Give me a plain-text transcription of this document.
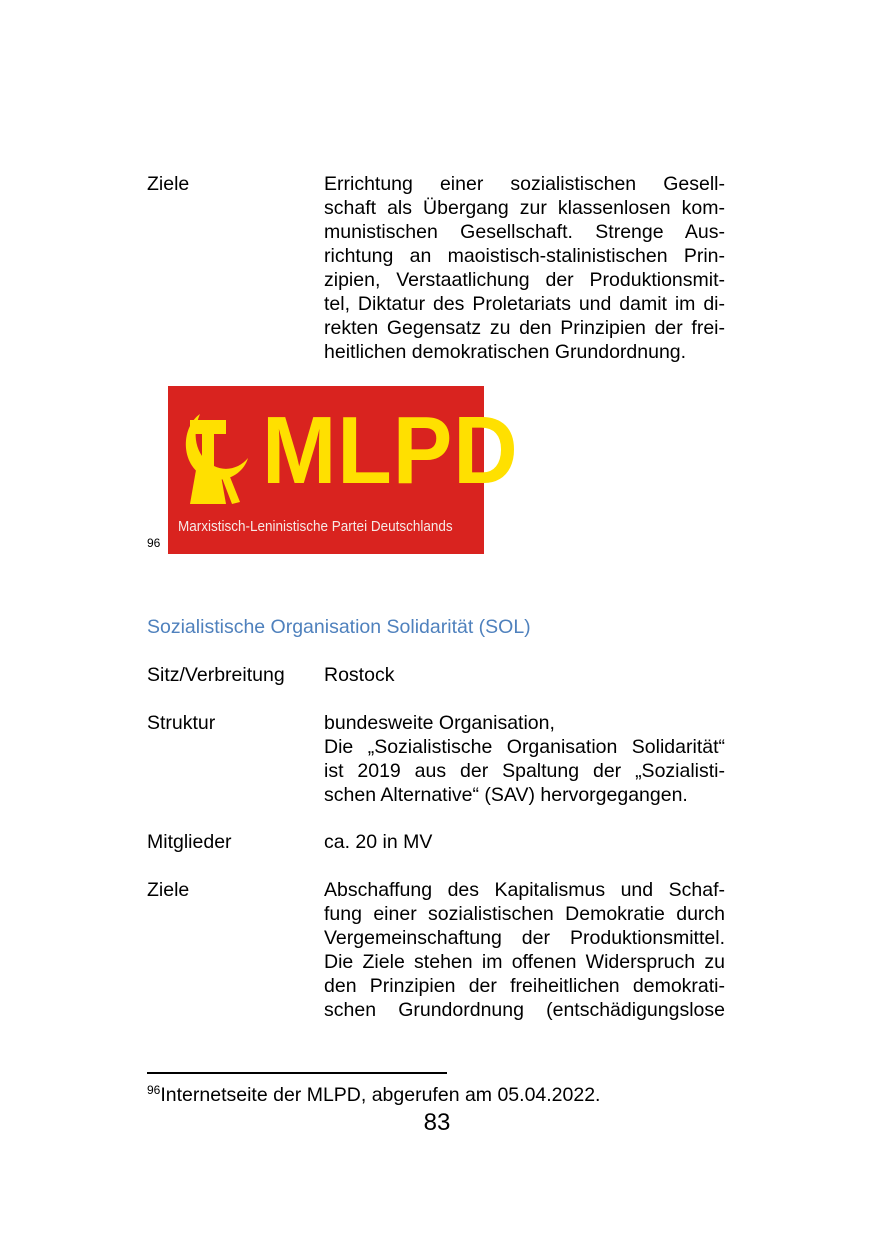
Ziele	Errichtung einer sozialistischen Gesell-
schaft als Übergang zur klassenlosen kom-
munistischen Gesellschaft. Strenge Aus-
richtung an maoistisch-stalinistischen Prin-
zipien, Verstaatlichung der Produktionsmit-
tel, Diktatur des Proletariats und damit im di-
rekten Gegensatz zu den Prinzipien der frei-
heitlichen demokratischen Grundordnung.
96
MLPD
Marxistisch-Leninistische Partei Deutschlands
Sozialistische Organisation Solidarität (SOL)
Sitz/Verbreitung Rostock
Struktur	bundesweite Organisation,
Die „Sozialistische Organisation Solidarität“
ist 2019 aus der Spaltung der „Sozialisti-
schen Alternative“ (SAV) hervorgegangen.
Mitglieder	ca. 20 in MV
Ziele	Abschaffung des Kapitalismus und Schaf-
fung einer sozialistischen Demokratie durch
Vergemeinschaftung der Produktionsmittel.
Die Ziele stehen im offenen Widerspruch zu
den Prinzipien der freiheitlichen demokrati-
schen Grundordnung (entschädigungslose
$^{96}$Internetseite der MLPD, abgerufen am 05.04.2022.
83
